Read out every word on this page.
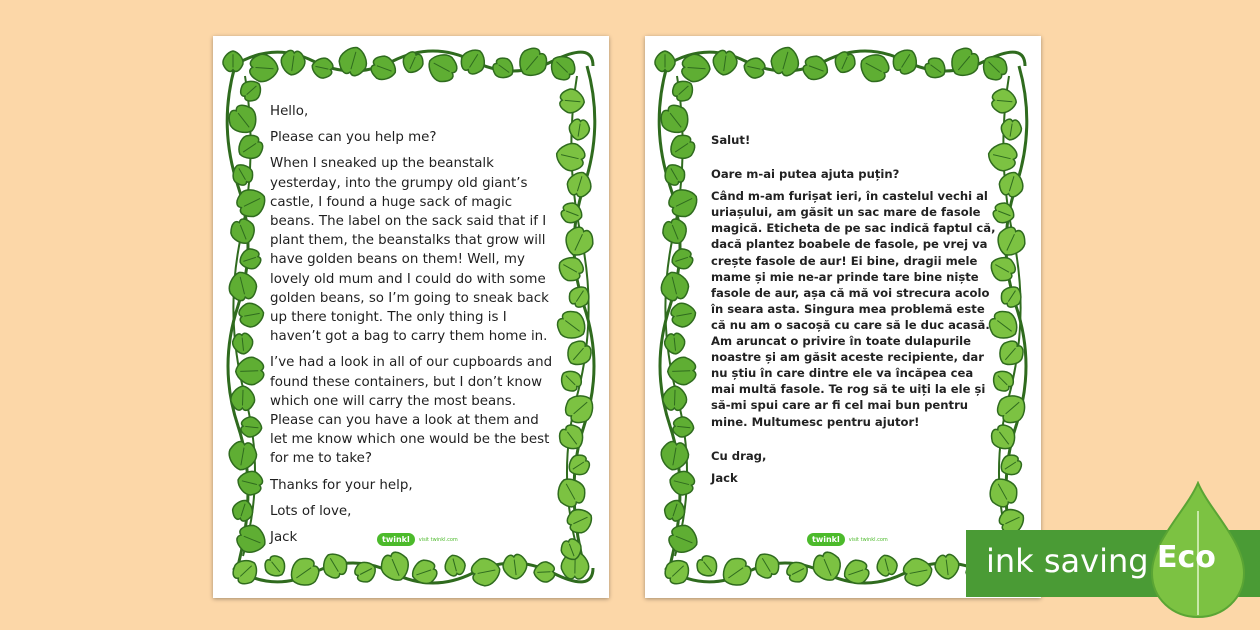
Hello,

Please can you help me?

When I sneaked up the beanstalk yesterday, into the grumpy old giant’s castle, I found a huge sack of magic beans. The label on the sack said that if I plant them, the beanstalks that grow will have golden beans on them! Well, my lovely old mum and I could do with some golden beans, so I’m going to sneak back up there tonight. The only thing is I haven’t got a bag to carry them home in.

I’ve had a look in all of our cupboards and found these containers, but I don’t know which one will carry the most beans. Please can you have a look at them and let me know which one would be the best for me to take?

Thanks for your help,

Lots of love,

Jack	twinkl	visit twinkl.com

Salut!

Oare m-ai putea ajuta puțin?

Când m-am furișat ieri, în castelul vechi al uriașului, am găsit un sac mare de fasole magică. Eticheta de pe sac indică faptul că, dacă plantez boabele de fasole, pe vrej va crește fasole de aur! Ei bine, dragii mele mame și mie ne-ar prinde tare bine niște fasole de aur, așa că mă voi strecura acolo în seara asta. Singura mea problemă este că nu am o sacoșă cu care să le duc acasă. Am aruncat o privire în toate dulapurile noastre și am găsit aceste recipiente, dar nu știu în care dintre ele va încăpea cea mai multă fasole. Te rog să te uiți la ele și să-mi spui care ar fi cel mai bun pentru mine. Multumesc pentru ajutor!

Cu drag,

Jack

twinkl	visit twinkl.com
ink saving Eco
